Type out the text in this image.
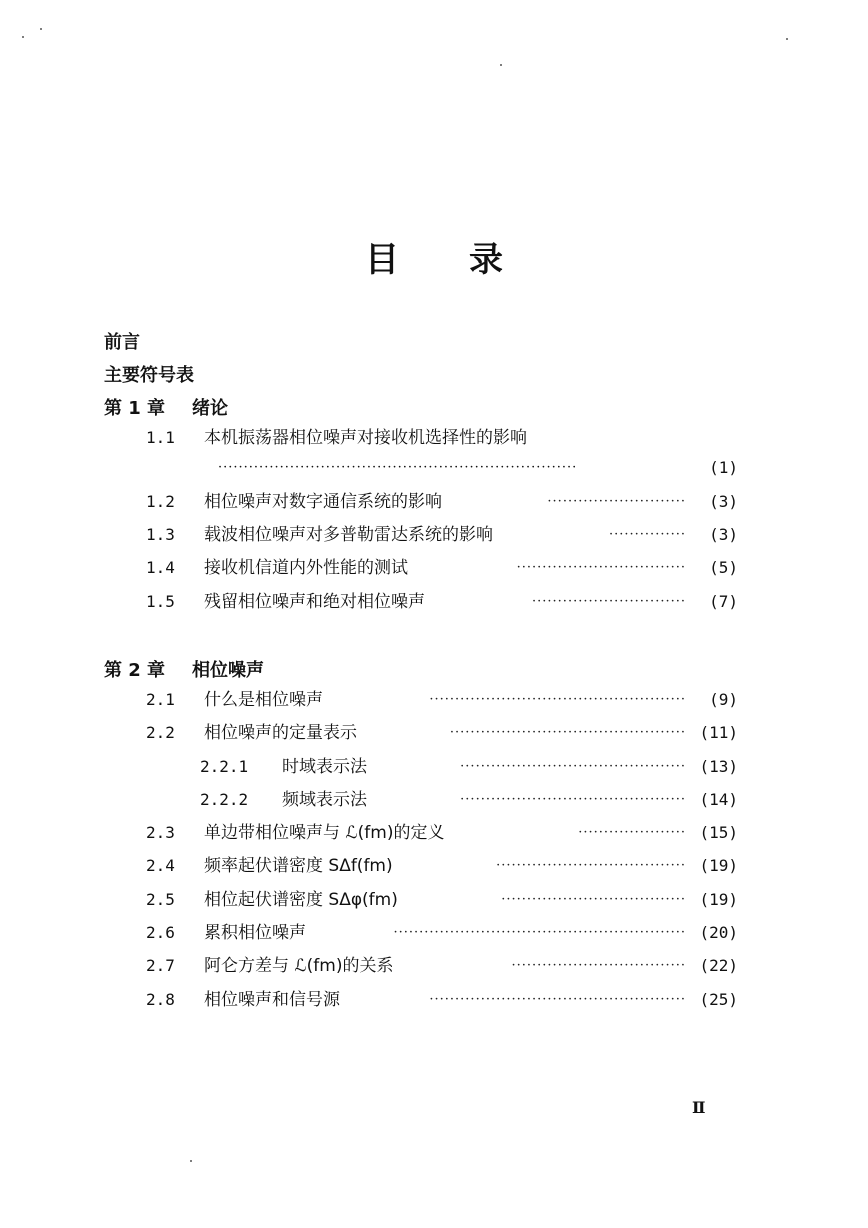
目 录
前言
主要符号表
第 1 章 绪论
1.1 本机振荡器相位噪声对接收机选择性的影响
······································································	(1)
1.2 相位噪声对数字通信系统的影响	···························	(3)
1.3 载波相位噪声对多普勒雷达系统的影响	···············	(3)
1.4 接收机信道内外性能的测试	·································	(5)
1.5 残留相位噪声和绝对相位噪声	······························	(7)
第 2 章 相位噪声
2.1 什么是相位噪声	··················································	(9)
2.2 相位噪声的定量表示	·············································· (11)
2.2.1 时域表示法	············································ (13)
2.2.2 频域表示法	············································ (14)
2.3 单边带相位噪声与 ℒ(fm)的定义	····················· (15)
2.4 频率起伏谱密度 SΔf(fm)	····································· (19)
2.5 相位起伏谱密度 SΔφ(fm)	···································· (19)
2.6 累积相位噪声	························································· (20)
2.7 阿仑方差与 ℒ(fm)的关系	·································· (22)
2.8 相位噪声和信号源	·················································· (25)
Ⅱ
